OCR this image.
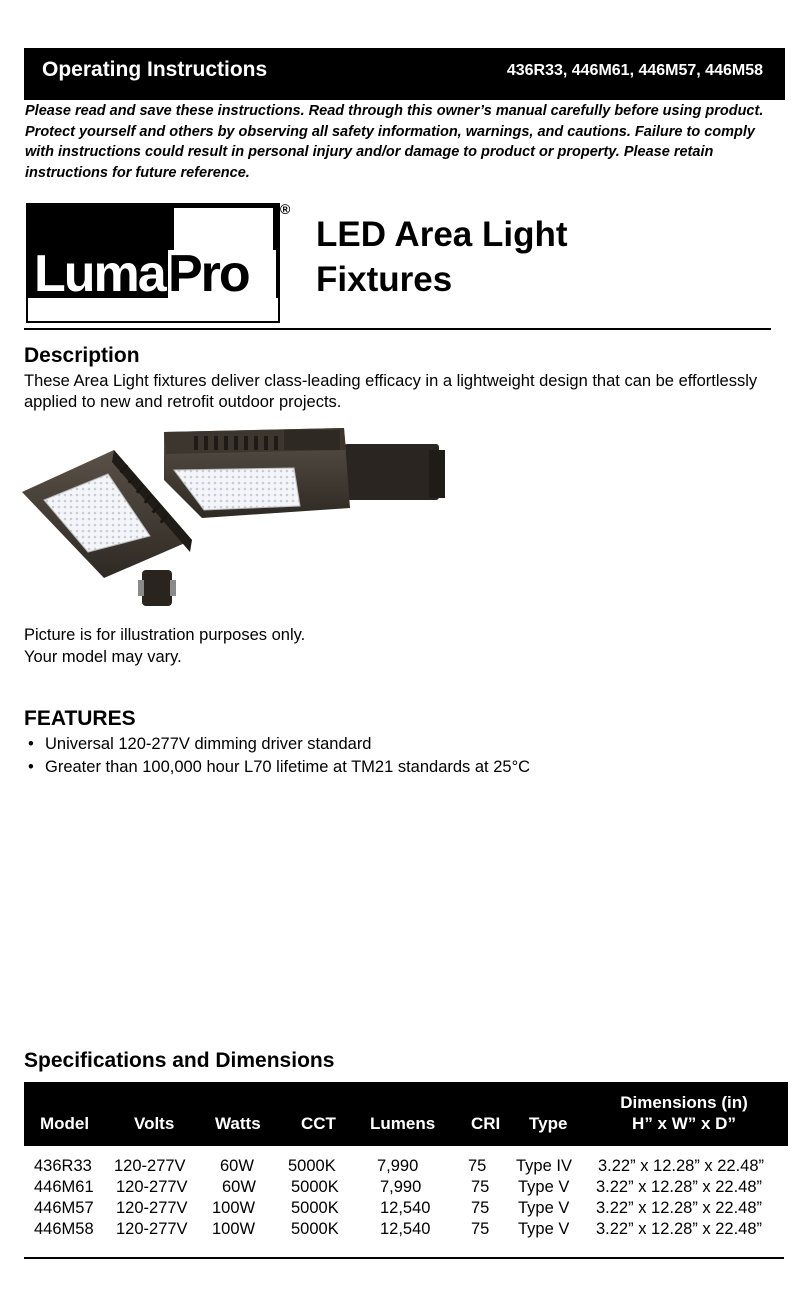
Operating Instructions	436R33, 446M61, 446M57, 446M58
Please read and save these instructions. Read through this owner’s manual carefully before using product. Protect yourself and others by observing all safety information, warnings, and cautions. Failure to comply with instructions could result in personal injury and/or damage to product or property. Please retain instructions for future reference.
Luma Pro
®
LED Area Light
Fixtures
Description
These Area Light fixtures deliver class-leading efficacy in a lightweight design that can be effortlessly applied to new and retrofit outdoor projects.
Picture is for illustration purposes only.
Your model may vary.
FEATURES
• Universal 120-277V dimming driver standard
• Greater than 100,000 hour L70 lifetime at TM21 standards at 25°C
Specifications and Dimensions
Model	Volts Watts CCT Lumens CRI Type
Dimensions (in)
H” x W” x D”
436R33 120-277V 60W 5000K	7,990	75 Type IV 3.22” x 12.28” x 22.48”
446M61 120-277V 60W 5000K	7,990	75 Type V 3.22” x 12.28” x 22.48”
446M57 120-277V 100W 5000K	12,540 75 Type V 3.22” x 12.28” x 22.48”
446M58 120-277V 100W 5000K	12,540 75 Type V 3.22” x 12.28” x 22.48”
